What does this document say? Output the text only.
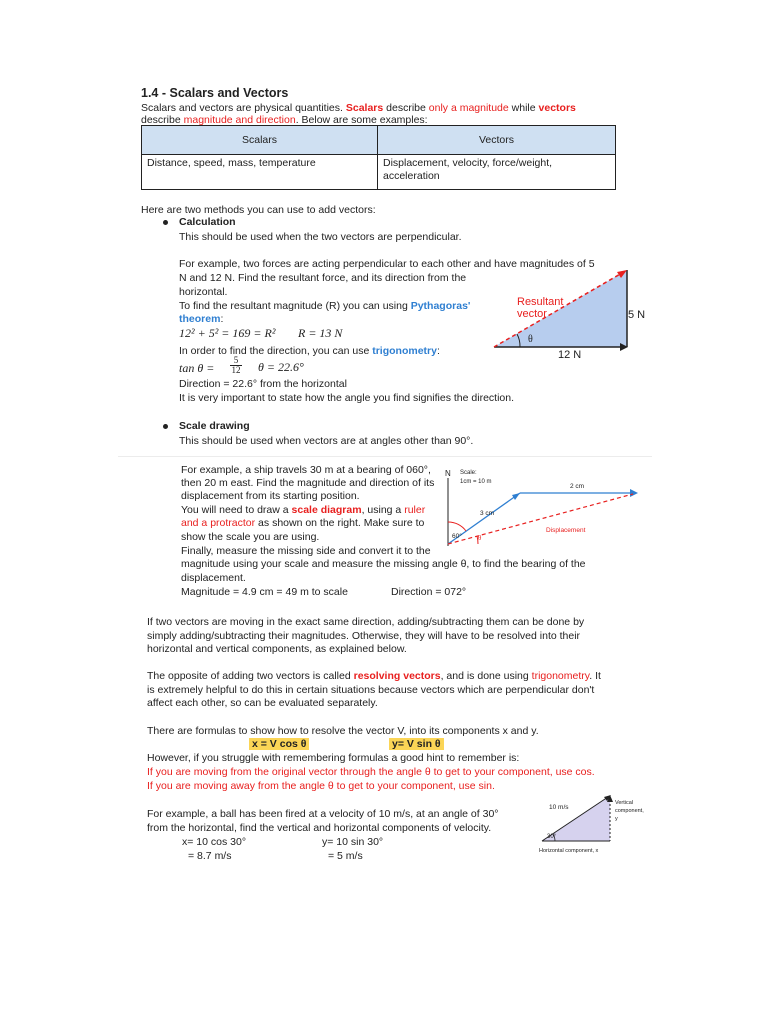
1.4 - Scalars and Vectors
Scalars and vectors are physical quantities. Scalars describe only a magnitude while vectors
describe magnitude and direction. Below are some examples:
Scalars	Vectors
Distance, speed, mass, temperature	Displacement, velocity, force/weight, acceleration
Here are two methods you can use to add vectors:
Calculation
This should be used when the two vectors are perpendicular.
For example, two forces are acting perpendicular to each other and have magnitudes of 5
N and 12 N. Find the resultant force, and its direction from the
horizontal.
To find the resultant magnitude (R) you can using Pythagoras'
theorem:
12² + 5² = 169 = R² R = 13 N
In order to find the direction, you can use trigonometry:
tan θ =
5
12 θ = 22.6°
Direction = 22.6° from the horizontal
It is very important to state how the angle you find signifies the direction.
Resultant
vector	5 N
12 N
θ
Scale drawing
This should be used when vectors are at angles other than 90°.
For example, a ship travels 30 m at a bearing of 060°,
then 20 m east. Find the magnitude and direction of its
displacement from its starting position.
You will need to draw a scale diagram, using a ruler
and a protractor as shown on the right. Make sure to
show the scale you are using.
Finally, measure the missing side and convert it to the
magnitude using your scale and measure the missing angle θ, to find the bearing of the
displacement.
Magnitude = 4.9 cm = 49 m to scale	Direction = 072°
N Scale:
1cm = 10 m
60° θ
2 cm
3 cm
Displacement
If two vectors are moving in the exact same direction, adding/subtracting them can be done by
simply adding/subtracting their magnitudes. Otherwise, they will have to be resolved into their
horizontal and vertical components, as explained below.
The opposite of adding two vectors is called resolving vectors, and is done using trigonometry. It
is extremely helpful to do this in certain situations because vectors which are perpendicular don't
affect each other, so can be evaluated separately.
There are formulas to show how to resolve the vector V, into its components x and y.
x = V cos θ	y= V sin θ
However, if you struggle with remembering formulas a good hint to remember is:
If you are moving from the original vector through the angle θ to get to your component, use cos.
If you are moving away from the angle θ to get to your component, use sin.
For example, a ball has been fired at a velocity of 10 m/s, at an angle of 30°
from the horizontal, find the vertical and horizontal components of velocity.
x= 10 cos 30°
= 8.7 m/s
y= 10 sin 30°
= 5 m/s
10 m/s
Vertical
component,
y
30°
Horizontal component, x
